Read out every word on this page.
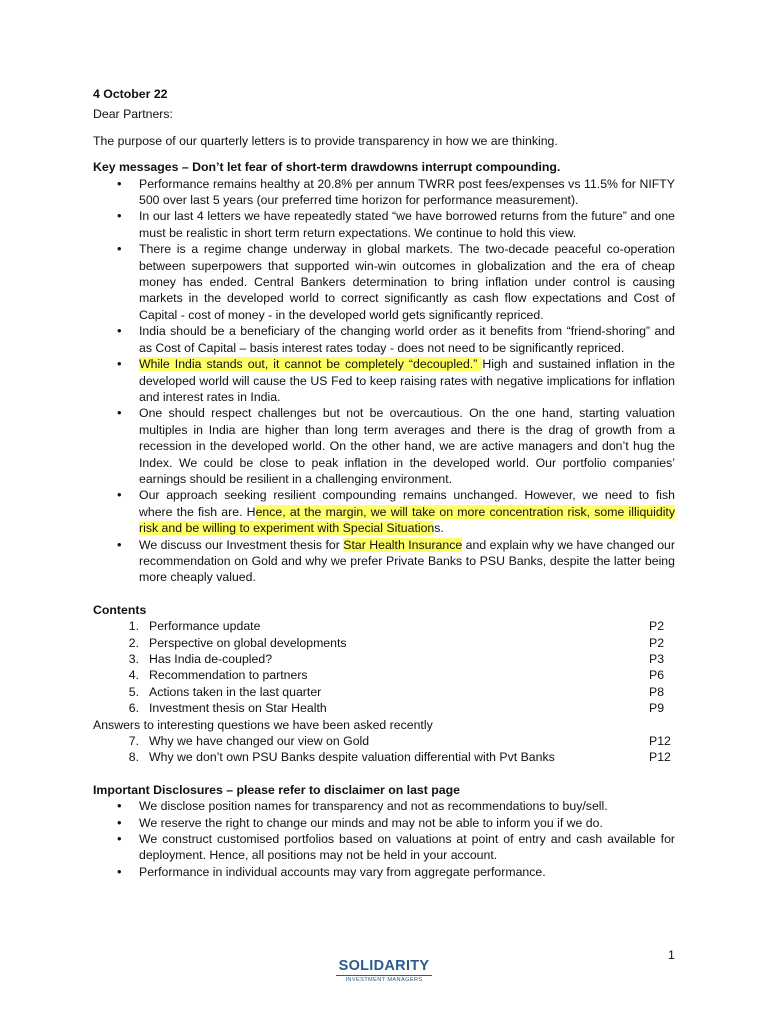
4 October 22

Dear Partners:

The purpose of our quarterly letters is to provide transparency in how we are thinking.

Key messages – Don’t let fear of short-term drawdowns interrupt compounding.

• Performance remains healthy at 20.8% per annum TWRR post fees/expenses vs 11.5% for NIFTY 500 over last 5 years (our preferred time horizon for performance measurement).
• In our last 4 letters we have repeatedly stated “we have borrowed returns from the future” and one must be realistic in short term return expectations. We continue to hold this view.
• There is a regime change underway in global markets. The two-decade peaceful co-operation between superpowers that supported win-win outcomes in globalization and the era of cheap money has ended. Central Bankers determination to bring inflation under control is causing markets in the developed world to correct significantly as cash flow expectations and Cost of Capital - cost of money - in the developed world gets significantly repriced.
• India should be a beneficiary of the changing world order as it benefits from “friend-shoring” and as Cost of Capital – basis interest rates today - does not need to be significantly repriced.
• While India stands out, it cannot be completely “decoupled.” High and sustained inflation in the developed world will cause the US Fed to keep raising rates with negative implications for inflation and interest rates in India.
• One should respect challenges but not be overcautious. On the one hand, starting valuation multiples in India are higher than long term averages and there is the drag of growth from a recession in the developed world. On the other hand, we are active managers and don’t hug the Index. We could be close to peak inflation in the developed world. Our portfolio companies’ earnings should be resilient in a challenging environment.
• Our approach seeking resilient compounding remains unchanged. However, we need to fish where the fish are. Hence, at the margin, we will take on more concentration risk, some illiquidity risk and be willing to experiment with Special Situations.
• We discuss our Investment thesis for Star Health Insurance and explain why we have changed our recommendation on Gold and why we prefer Private Banks to PSU Banks, despite the latter being more cheaply valued.

Contents

1. Performance update	P2
2. Perspective on global developments	P2
3. Has India de-coupled?	P3
4. Recommendation to partners	P6
5. Actions taken in the last quarter	P8
6. Investment thesis on Star Health	P9

Answers to interesting questions we have been asked recently

7. Why we have changed our view on Gold	P12
8. Why we don’t own PSU Banks despite valuation differential with Pvt Banks	P12

Important Disclosures – please refer to disclaimer on last page

• We disclose position names for transparency and not as recommendations to buy/sell.
• We reserve the right to change our minds and may not be able to inform you if we do.
• We construct customised portfolios based on valuations at point of entry and cash available for deployment. Hence, all positions may not be held in your account.
• Performance in individual accounts may vary from aggregate performance.
1
SOLIDARITY
INVESTMENT MANAGERS
